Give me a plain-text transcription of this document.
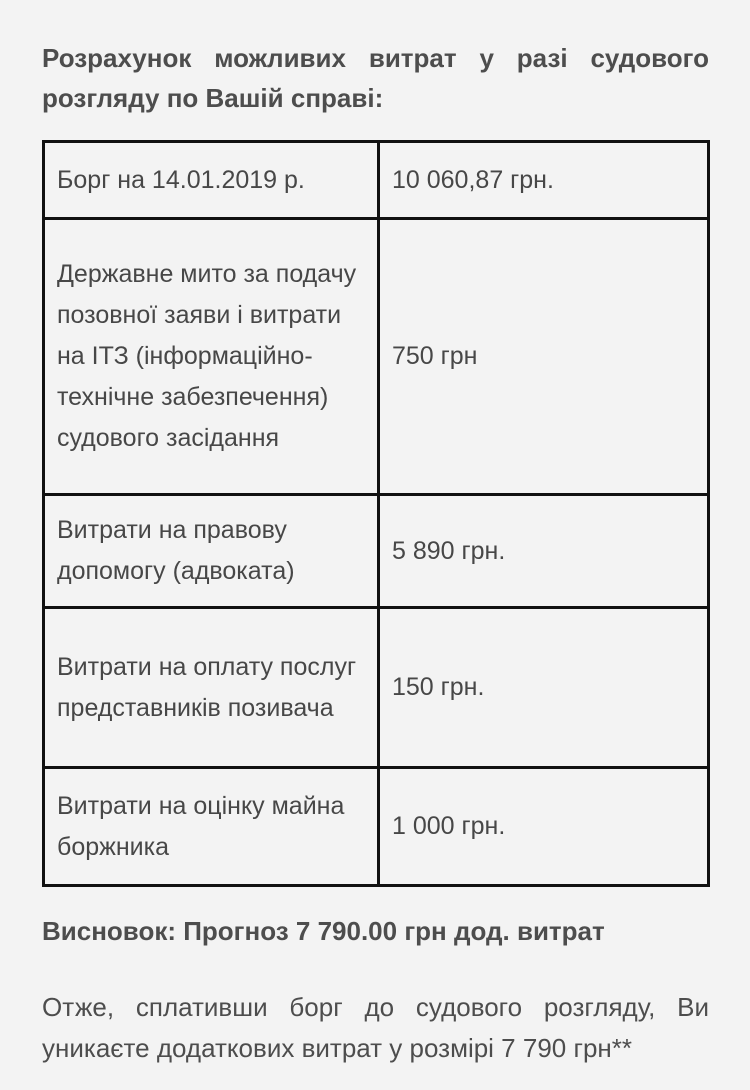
Розрахунок можливих витрат у разі судового розгляду по Вашій справі:

Борг на 14.01.2019 р.	10 060,87 грн.
Державне мито за подачу позовної заяви і витрати на ІТЗ (інформаційно-технічне забезпечення) судового засідання	750 грн
Витрати на правову допомогу (адвоката)	5 890 грн.
Витрати на оплату послуг представників позивача	150 грн.
Витрати на оцінку майна боржника	1 000 грн.

Висновок: Прогноз 7 790.00 грн дод. витрат

Отже, сплативши борг до судового розгляду, Ви уникаєте додаткових витрат у розмірі 7 790 грн**
